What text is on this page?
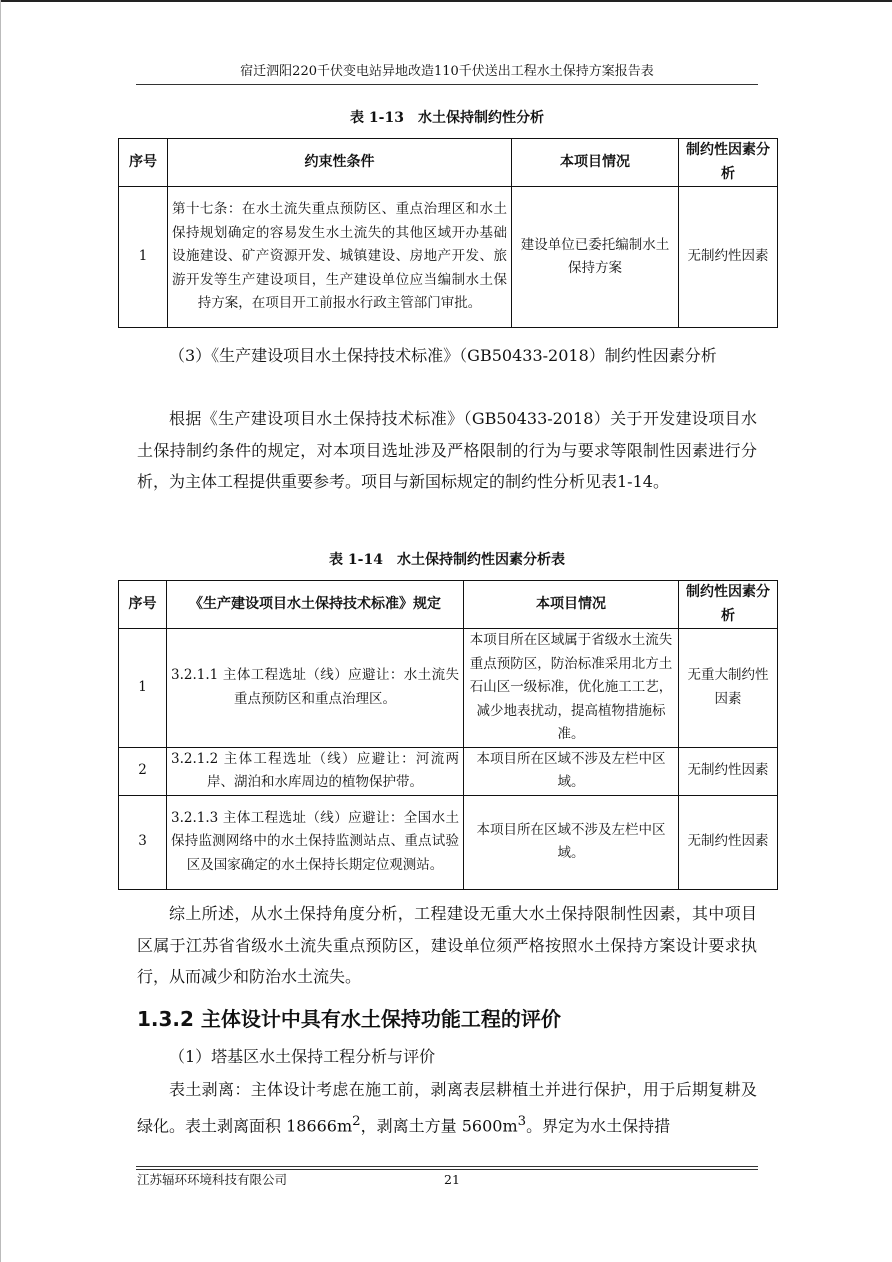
宿迁泗阳220千伏变电站异地改造110千伏送出工程水土保持方案报告表
表 1-13　水土保持制约性分析
序号	约束性条件	本项目情况	制约性因素分析
1	第十七条：在水土流失重点预防区、重点治理区和水土保持规划确定的容易发生水土流失的其他区域开办基础设施建设、矿产资源开发、城镇建设、房地产开发、旅游开发等生产建设项目，生产建设单位应当编制水土保持方案，在项目开工前报水行政主管部门审批。	建设单位已委托编制水土保持方案	无制约性因素

（3）《生产建设项目水土保持技术标准》（GB50433-2018）制约性因素分析

根据《生产建设项目水土保持技术标准》（GB50433-2018）关于开发建设项目水土保持制约条件的规定，对本项目选址涉及严格限制的行为与要求等限制性因素进行分析，为主体工程提供重要参考。项目与新国标规定的制约性分析见表1-14。

表 1-14　水土保持制约性因素分析表
序号	《生产建设项目水土保持技术标准》规定	本项目情况	制约性因素分析
1	3.2.1.1 主体工程选址（线）应避让：水土流失重点预防区和重点治理区。	本项目所在区域属于省级水土流失重点预防区，防治标准采用北方土石山区一级标准，优化施工工艺，减少地表扰动，提高植物措施标准。	无重大制约性因素
2	3.2.1.2 主体工程选址（线）应避让：河流两岸、湖泊和水库周边的植物保护带。	本项目所在区域不涉及左栏中区域。	无制约性因素
3	3.2.1.3 主体工程选址（线）应避让：全国水土保持监测网络中的水土保持监测站点、重点试验区及国家确定的水土保持长期定位观测站。	本项目所在区域不涉及左栏中区域。	无制约性因素

综上所述，从水土保持角度分析，工程建设无重大水土保持限制性因素，其中项目区属于江苏省省级水土流失重点预防区，建设单位须严格按照水土保持方案设计要求执行，从而减少和防治水土流失。

1.3.2 主体设计中具有水土保持功能工程的评价

（1）塔基区水土保持工程分析与评价

表土剥离：主体设计考虑在施工前，剥离表层耕植土并进行保护，用于后期复耕及绿化。表土剥离面积 $18666m^2$，剥离土方量 $5600m^3$。界定为水土保持措

江苏辐环环境科技有限公司	21
